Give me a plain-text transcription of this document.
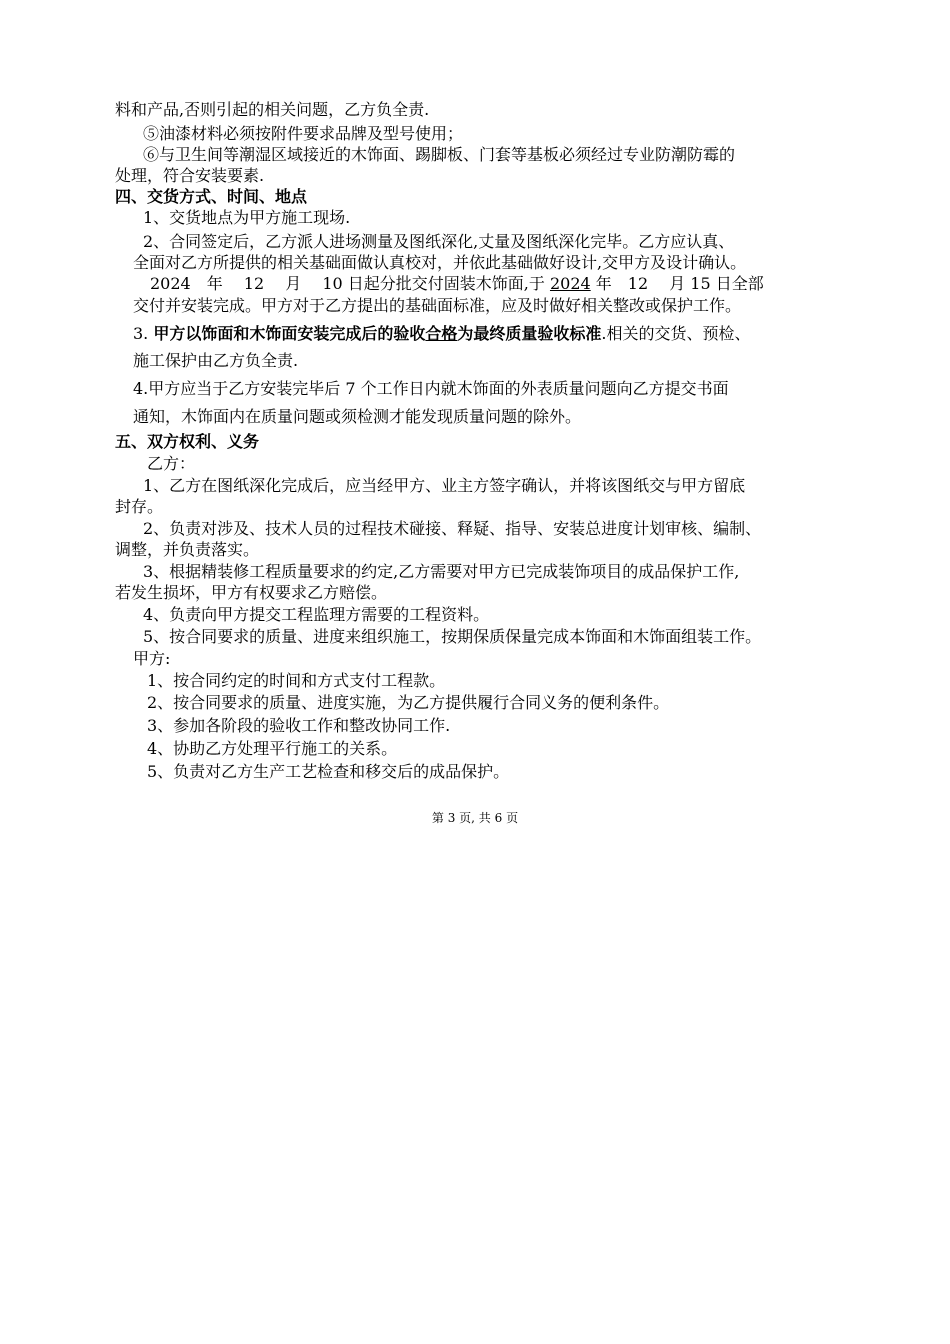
料和产品,否则引起的相关问题，乙方负全责.
⑤油漆材料必须按附件要求品牌及型号使用；
⑥与卫生间等潮湿区域接近的木饰面、踢脚板、门套等基板必须经过专业防潮防霉的
处理，符合安装要素.
四、交货方式、时间、地点
1、交货地点为甲方施工现场.
2、合同签定后，乙方派人进场测量及图纸深化,丈量及图纸深化完毕。乙方应认真、
全面对乙方所提供的相关基础面做认真校对，并依此基础做好设计,交甲方及设计确认。
2024　年　 12　 月　 10 日起分批交付固装木饰面,于 2024 年　12　 月 15 日全部
交付并安装完成。甲方对于乙方提出的基础面标准，应及时做好相关整改或保护工作。
3. 甲方以饰面和木饰面安装完成后的验收合格为最终质量验收标准.相关的交货、预检、
施工保护由乙方负全责.
4.甲方应当于乙方安装完毕后 7 个工作日内就木饰面的外表质量问题向乙方提交书面
通知，木饰面内在质量问题或须检测才能发现质量问题的除外。
五、双方权利、义务
乙方：
1、乙方在图纸深化完成后，应当经甲方、业主方签字确认，并将该图纸交与甲方留底
封存。
2、负责对涉及、技术人员的过程技术碰接、释疑、指导、安装总进度计划审核、编制、
调整，并负责落实。
3、根据精装修工程质量要求的约定,乙方需要对甲方已完成装饰项目的成品保护工作,
若发生损坏，甲方有权要求乙方赔偿。
4、负责向甲方提交工程监理方需要的工程资料。
5、按合同要求的质量、进度来组织施工，按期保质保量完成本饰面和木饰面组装工作。
甲方:
1、按合同约定的时间和方式支付工程款。
2、按合同要求的质量、进度实施，为乙方提供履行合同义务的便利条件。
3、参加各阶段的验收工作和整改协同工作.
4、协助乙方处理平行施工的关系。
5、负责对乙方生产工艺检查和移交后的成品保护。
第 3 页, 共 6 页
